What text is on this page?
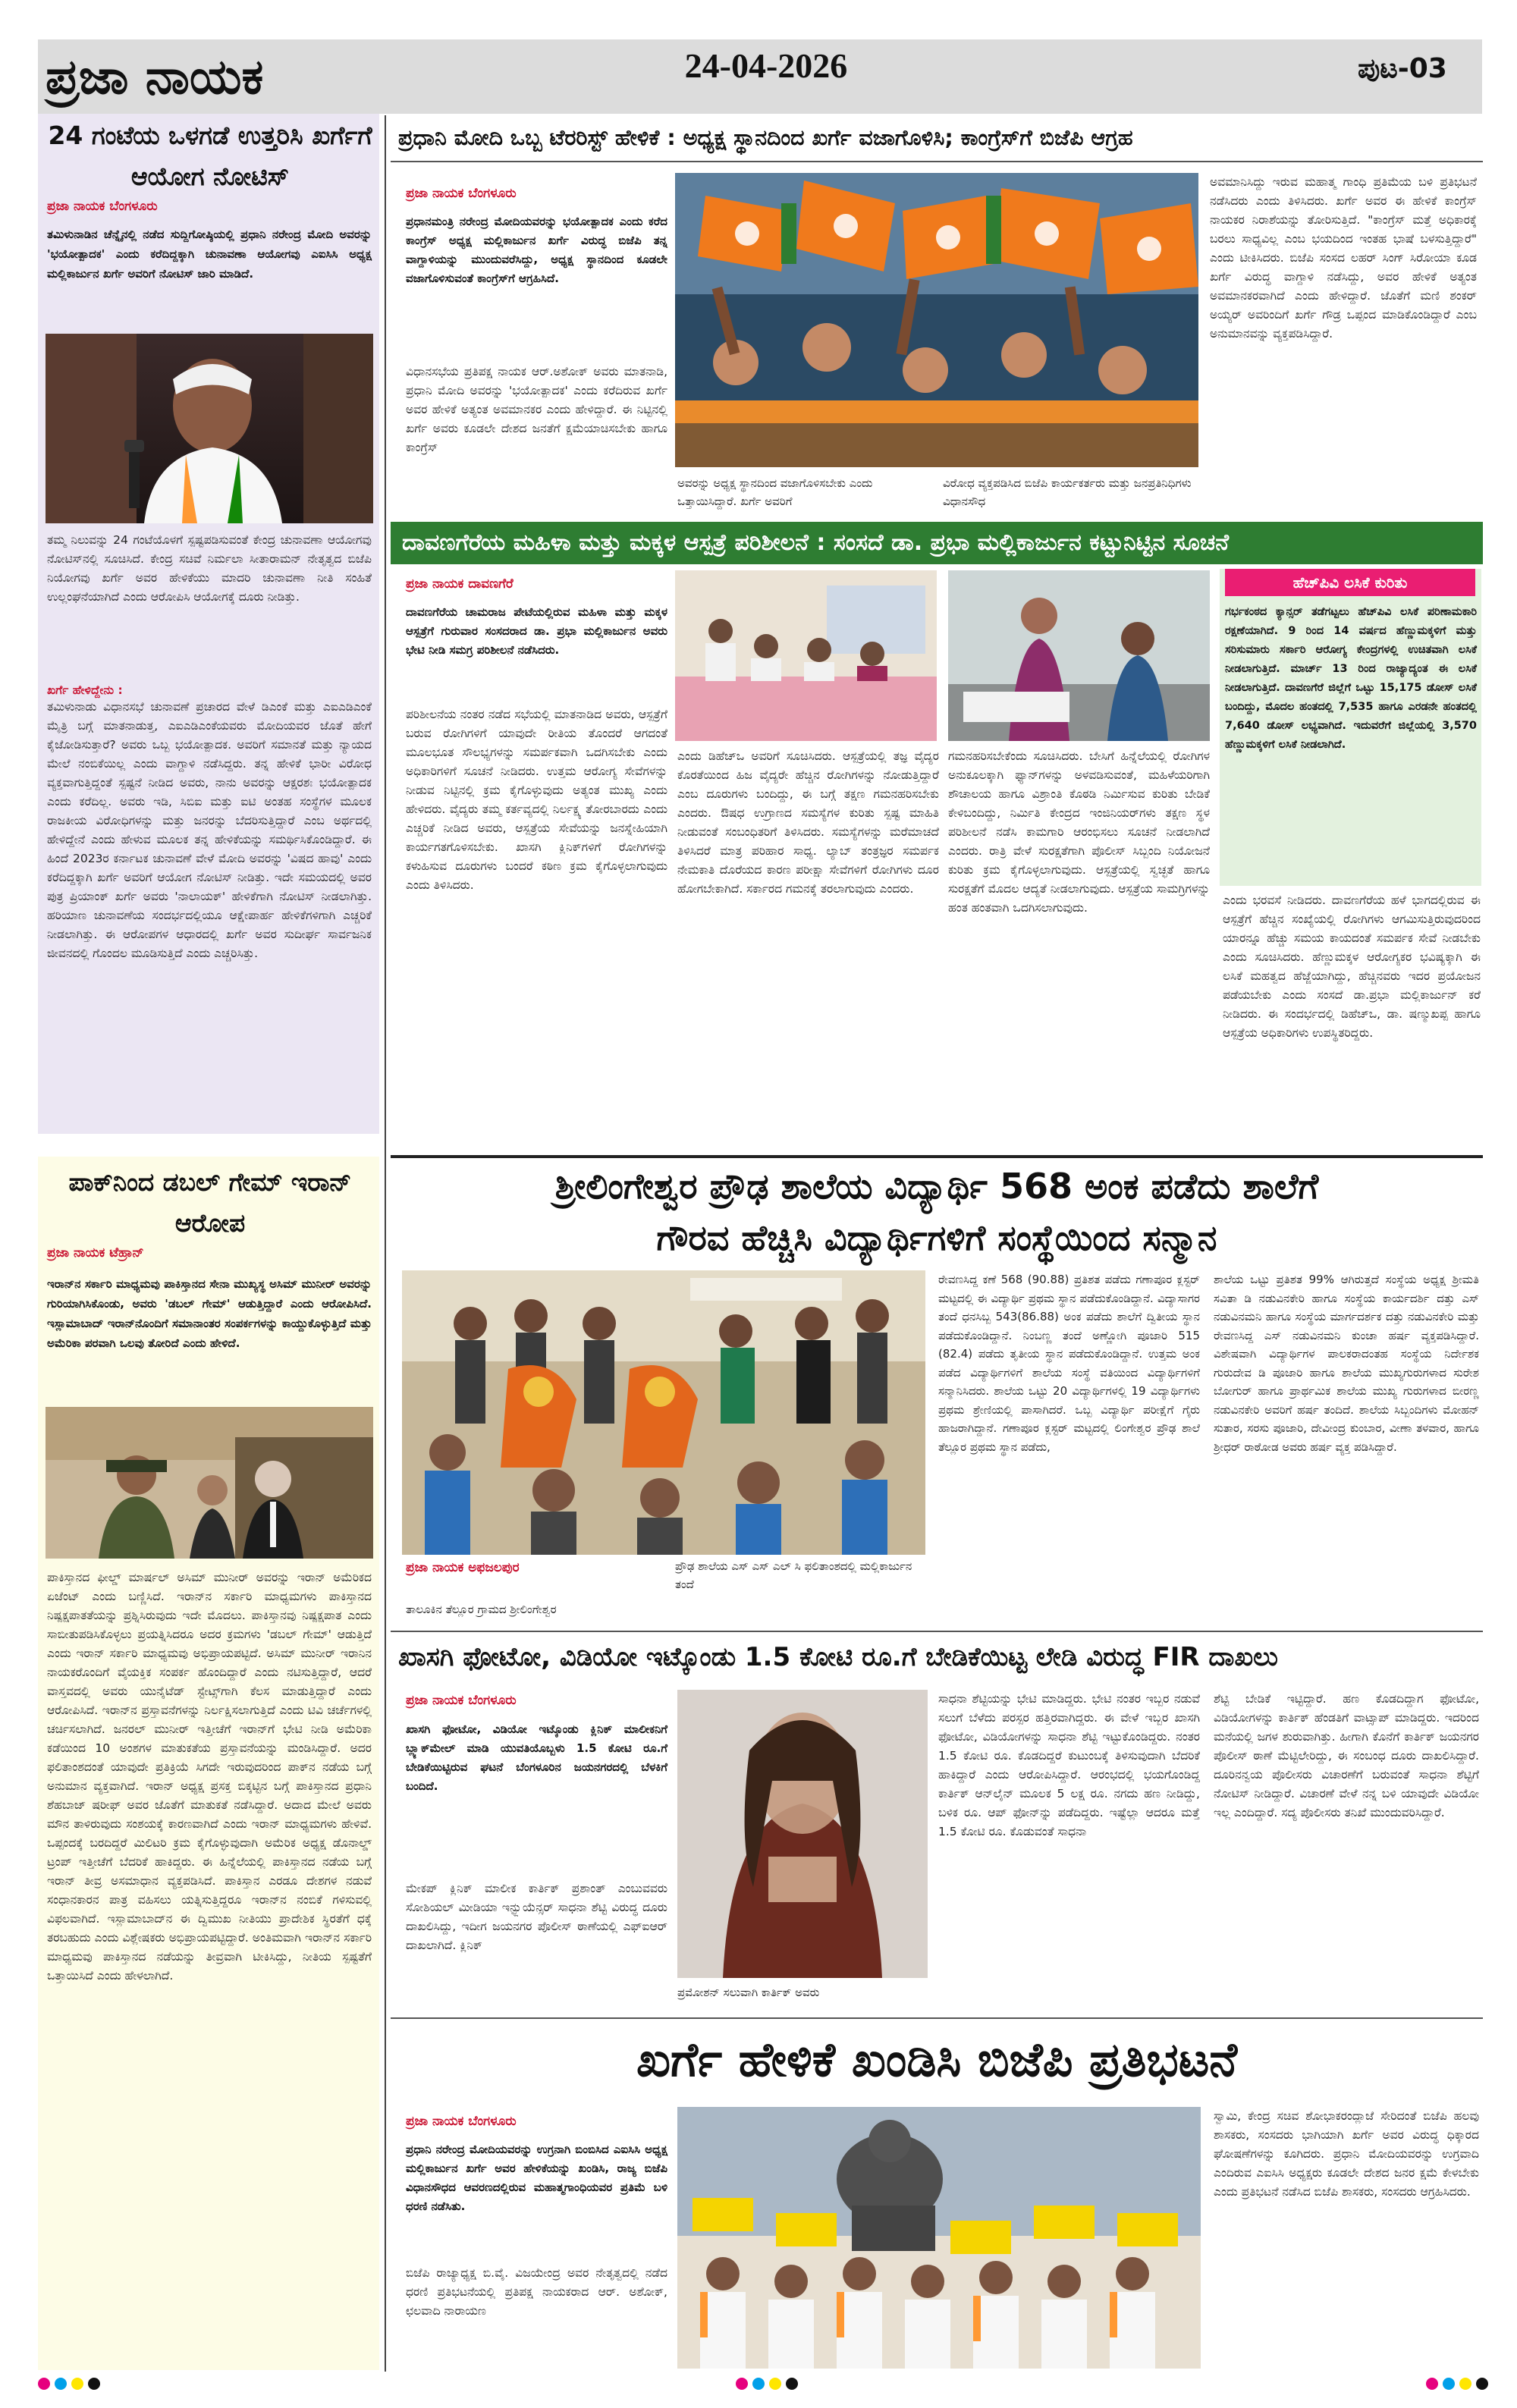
ಪ್ರಜಾ ನಾಯಕ	24-04-2026	ಪುಟ-03
24 ಗಂಟೆಯ ಒಳಗಡೆ ಉತ್ತರಿಸಿ ಖರ್ಗೆಗೆ ಆಯೋಗ ನೋಟಿಸ್
ಪ್ರಜಾ ನಾಯಕ ಬೆಂಗಳೂರು
ತಮಿಳುನಾಡಿನ ಚೆನ್ನೈನಲ್ಲಿ ನಡೆದ ಸುದ್ದಿಗೋಷ್ಠಿಯಲ್ಲಿ ಪ್ರಧಾನಿ ನರೇಂದ್ರ ಮೋದಿ ಅವರನ್ನು 'ಭಯೋತ್ಪಾದಕ' ಎಂದು ಕರೆದಿದ್ದಕ್ಕಾಗಿ ಚುನಾವಣಾ ಆಯೋಗವು ಎಐಸಿಸಿ ಅಧ್ಯಕ್ಷ ಮಲ್ಲಿಕಾರ್ಜುನ ಖರ್ಗೆ ಅವರಿಗೆ ನೋಟಿಸ್ ಜಾರಿ ಮಾಡಿದೆ.
ತಮ್ಮ ನಿಲುವನ್ನು 24 ಗಂಟೆಯೊಳಗೆ ಸ್ಪಷ್ಟಪಡಿಸುವಂತೆ ಕೇಂದ್ರ ಚುನಾವಣಾ ಆಯೋಗವು ನೋಟಿಸ್‌ನಲ್ಲಿ ಸೂಚಿಸಿದೆ. ಕೇಂದ್ರ ಸಚಿವೆ ನಿರ್ಮಲಾ ಸೀತಾರಾಮನ್ ನೇತೃತ್ವದ ಬಿಜೆಪಿ ನಿಯೋಗವು ಖರ್ಗೆ ಅವರ ಹೇಳಿಕೆಯು ಮಾದರಿ ಚುನಾವಣಾ ನೀತಿ ಸಂಹಿತೆ ಉಲ್ಲಂಘನೆಯಾಗಿದೆ ಎಂದು ಆರೋಪಿಸಿ ಆಯೋಗಕ್ಕೆ ದೂರು ನೀಡಿತ್ತು.
ಖರ್ಗೆ ಹೇಳಿದ್ದೇನು :
ತಮಿಳುನಾಡು ವಿಧಾನಸಭೆ ಚುನಾವಣೆ ಪ್ರಚಾರದ ವೇಳೆ ಡಿಎಂಕೆ ಮತ್ತು ಎಐಎಡಿಎಂಕೆ ಮೈತ್ರಿ ಬಗ್ಗೆ ಮಾತನಾಡುತ್ತ, ಎಐಎಡಿಎಂಕೆಯವರು ಮೋದಿಯವರ ಜೊತೆ ಹೇಗೆ ಕೈಜೋಡಿಸುತ್ತಾರೆ? ಅವರು ಒಬ್ಬ ಭಯೋತ್ಪಾದಕ. ಅವರಿಗೆ ಸಮಾನತೆ ಮತ್ತು ನ್ಯಾಯದ ಮೇಲೆ ನಂಬಿಕೆಯಿಲ್ಲ ಎಂದು ವಾಗ್ದಾಳಿ ನಡೆಸಿದ್ದರು. ತನ್ನ ಹೇಳಿಕೆ ಭಾರೀ ವಿರೋಧ ವ್ಯಕ್ತವಾಗುತ್ತಿದ್ದಂತೆ ಸ್ಪಷ್ಟನೆ ನೀಡಿದ ಅವರು, ನಾನು ಅವರನ್ನು ಆಕ್ಷರಶಃ ಭಯೋತ್ಪಾದಕ ಎಂದು ಕರೆದಿಲ್ಲ. ಅವರು ಇಡಿ, ಸಿಬಿಐ ಮತ್ತು ಐಟಿ ಅಂತಹ ಸಂಸ್ಥೆಗಳ ಮೂಲಕ ರಾಜಕೀಯ ವಿರೋಧಿಗಳನ್ನು ಮತ್ತು ಜನರನ್ನು ಬೆದರಿಸುತ್ತಿದ್ದಾರೆ ಎಂಬ ಅರ್ಥದಲ್ಲಿ ಹೇಳಿದ್ದೇನೆ ಎಂದು ಹೇಳುವ ಮೂಲಕ ತನ್ನ ಹೇಳಿಕೆಯನ್ನು ಸಮರ್ಥಿಸಿಕೊಂಡಿದ್ದಾರೆ. ಈ ಹಿಂದೆ 2023ರ ಕರ್ನಾಟಕ ಚುನಾವಣೆ ವೇಳೆ ಮೋದಿ ಅವರನ್ನು 'ವಿಷದ ಹಾವು' ಎಂದು ಕರೆದಿದ್ದಕ್ಕಾಗಿ ಖರ್ಗೆ ಅವರಿಗೆ ಆಯೋಗ ನೋಟಿಸ್ ನೀಡಿತ್ತು. ಇದೇ ಸಮಯದಲ್ಲಿ ಅವರ ಪುತ್ರ ಪ್ರಿಯಾಂಕ್ ಖರ್ಗೆ ಅವರು 'ನಾಲಾಯಕ್' ಹೇಳಿಕೆಗಾಗಿ ನೋಟಿಸ್ ನೀಡಲಾಗಿತ್ತು. ಹರಿಯಾಣ ಚುನಾವಣೆಯ ಸಂದರ್ಭದಲ್ಲಿಯೂ ಆಕ್ಷೇಪಾರ್ಹ ಹೇಳಿಕೆಗಳಿಗಾಗಿ ಎಚ್ಚರಿಕೆ ನೀಡಲಾಗಿತ್ತು. ಈ ಆರೋಪಗಳ ಆಧಾರದಲ್ಲಿ ಖರ್ಗೆ ಅವರ ಸುದೀರ್ಘ ಸಾರ್ವಜನಿಕ ಜೀವನದಲ್ಲಿ ಗೊಂದಲ ಮೂಡಿಸುತ್ತಿದೆ ಎಂದು ಎಚ್ಚರಿಸಿತ್ತು.
ಪಾಕ್‌ನಿಂದ ಡಬಲ್ ಗೇಮ್ ಇರಾನ್ ಆರೋಪ
ಪ್ರಜಾ ನಾಯಕ ಟೆಹ್ರಾನ್
ಇರಾನ್‌ನ ಸರ್ಕಾರಿ ಮಾಧ್ಯಮವು ಪಾಕಿಸ್ತಾನದ ಸೇನಾ ಮುಖ್ಯಸ್ಥ ಅಸಿಮ್ ಮುನೀರ್ ಅವರನ್ನು ಗುರಿಯಾಗಿಸಿಕೊಂಡು, ಅವರು 'ಡಬಲ್ ಗೇಮ್' ಆಡುತ್ತಿದ್ದಾರೆ ಎಂದು ಆರೋಪಿಸಿದೆ. ಇಸ್ಲಾಮಾಬಾದ್ ಇರಾನ್‌ನೊಂದಿಗೆ ಸಮಾನಾಂತರ ಸಂಪರ್ಕಗಳನ್ನು ಕಾಯ್ದುಕೊಳ್ಳುತ್ತಿದೆ ಮತ್ತು ಅಮೆರಿಕಾ ಪರವಾಗಿ ಒಲವು ತೋರಿದೆ ಎಂದು ಹೇಳಿದೆ.
ಪಾಕಿಸ್ತಾನದ ಫೀಲ್ಡ್ ಮಾರ್ಷಲ್ ಅಸಿಮ್ ಮುನೀರ್ ಅವರನ್ನು ಇರಾನ್ ಅಮೆರಿಕದ ಏಜೆಂಟ್ ಎಂದು ಬಣ್ಣಿಸಿದೆ. ಇರಾನ್‌ನ ಸರ್ಕಾರಿ ಮಾಧ್ಯಮಗಳು ಪಾಕಿಸ್ತಾನದ ನಿಷ್ಪಕ್ಷಪಾತತೆಯನ್ನು ಪ್ರಶ್ನಿಸಿರುವುದು ಇದೇ ಮೊದಲು. ಪಾಕಿಸ್ತಾನವು ನಿಷ್ಪಕ್ಷಪಾತ ಎಂದು ಸಾಬೀತುಪಡಿಸಿಕೊಳ್ಳಲು ಪ್ರಯತ್ನಿಸಿದರೂ ಅದರ ಕ್ರಮಗಳು 'ಡಬಲ್ ಗೇಮ್' ಆಡುತ್ತಿದೆ ಎಂದು ಇರಾನ್ ಸರ್ಕಾರಿ ಮಾಧ್ಯಮವು ಅಭಿಪ್ರಾಯಪಟ್ಟಿದೆ. ಅಸಿಮ್ ಮುನೀರ್ ಇರಾನಿನ ನಾಯಕರೊಂದಿಗೆ ವೈಯಕ್ತಿಕ ಸಂಪರ್ಕ ಹೊಂದಿದ್ದಾರೆ ಎಂದು ನಟಿಸುತ್ತಿದ್ದಾರೆ, ಆದರೆ ವಾಸ್ತವದಲ್ಲಿ ಅವರು ಯುನೈಟೆಡ್ ಸ್ಟೇಟ್ಸ್‌ಗಾಗಿ ಕೆಲಸ ಮಾಡುತ್ತಿದ್ದಾರೆ ಎಂದು ಆರೋಪಿಸಿದೆ. ಇರಾನ್‌ನ ಪ್ರಸ್ತಾವನೆಗಳನ್ನು ನಿರ್ಲಕ್ಷಿಸಲಾಗುತ್ತಿದೆ ಎಂದು ಟಿವಿ ಚರ್ಚೆಗಳಲ್ಲಿ ಚರ್ಚಿಸಲಾಗಿದೆ. ಜನರಲ್ ಮುನೀರ್ ಇತ್ತೀಚೆಗೆ ಇರಾನ್‌ಗೆ ಭೇಟಿ ನೀಡಿ ಅಮೆರಿಕಾ ಕಡೆಯಿಂದ 10 ಅಂಶಗಳ ಮಾತುಕತೆಯ ಪ್ರಸ್ತಾವನೆಯನ್ನು ಮಂಡಿಸಿದ್ದಾರೆ. ಅದರ ಫಲಿತಾಂಶದಂತೆ ಯಾವುದೇ ಪ್ರತಿಕ್ರಿಯೆ ಸಿಗದೇ ಇರುವುದರಿಂದ ಪಾಕ್‌ನ ನಡೆಯ ಬಗ್ಗೆ ಅನುಮಾನ ವ್ಯಕ್ತವಾಗಿದೆ. ಇರಾನ್ ಅಧ್ಯಕ್ಷ ಪ್ರಸಕ್ತ ಬಿಕ್ಕಟ್ಟಿನ ಬಗ್ಗೆ ಪಾಕಿಸ್ತಾನದ ಪ್ರಧಾನಿ ಶೆಹಬಾಜ್ ಷರೀಫ್ ಅವರ ಜೊತೆಗೆ ಮಾತುಕತೆ ನಡೆಸಿದ್ದಾರೆ. ಅದಾದ ಮೇಲೆ ಅವರು ಮೌನ ತಾಳಿರುವುದು ಸಂಶಯಕ್ಕೆ ಕಾರಣವಾಗಿದೆ ಎಂದು ಇರಾನ್ ಮಾಧ್ಯಮಗಳು ಹೇಳಿವೆ. ಒಪ್ಪಂದಕ್ಕೆ ಬರದಿದ್ದರೆ ಮಿಲಿಟರಿ ಕ್ರಮ ಕೈಗೊಳ್ಳುವುದಾಗಿ ಅಮೆರಿಕ ಅಧ್ಯಕ್ಷ ಡೊನಾಲ್ಡ್ ಟ್ರಂಪ್ ಇತ್ತೀಚೆಗೆ ಬೆದರಿಕೆ ಹಾಕಿದ್ದರು. ಈ ಹಿನ್ನೆಲೆಯಲ್ಲಿ ಪಾಕಿಸ್ತಾನದ ನಡೆಯ ಬಗ್ಗೆ ಇರಾನ್ ತೀವ್ರ ಅಸಮಾಧಾನ ವ್ಯಕ್ತಪಡಿಸಿದೆ. ಪಾಕಿಸ್ತಾನ ಎರಡೂ ದೇಶಗಳ ನಡುವೆ ಸಂಧಾನಕಾರನ ಪಾತ್ರ ವಹಿಸಲು ಯತ್ನಿಸುತ್ತಿದ್ದರೂ ಇರಾನ್‌ನ ನಂಬಿಕೆ ಗಳಿಸುವಲ್ಲಿ ವಿಫಲವಾಗಿದೆ. ಇಸ್ಲಾಮಾಬಾದ್‌ನ ಈ ದ್ವಿಮುಖ ನೀತಿಯು ಪ್ರಾದೇಶಿಕ ಸ್ಥಿರತೆಗೆ ಧಕ್ಕೆ ತರಬಹುದು ಎಂದು ವಿಶ್ಲೇಷಕರು ಅಭಿಪ್ರಾಯಪಟ್ಟಿದ್ದಾರೆ. ಅಂತಿಮವಾಗಿ ಇರಾನ್‌ನ ಸರ್ಕಾರಿ ಮಾಧ್ಯಮವು ಪಾಕಿಸ್ತಾನದ ನಡೆಯನ್ನು ತೀವ್ರವಾಗಿ ಟೀಕಿಸಿದ್ದು, ನೀತಿಯ ಸ್ಪಷ್ಟತೆಗೆ ಒತ್ತಾಯಿಸಿದೆ ಎಂದು ಹೇಳಲಾಗಿದೆ.
ಪ್ರಧಾನಿ ಮೋದಿ ಒಬ್ಬ ಟೆರರಿಸ್ಟ್ ಹೇಳಿಕೆ : ಅಧ್ಯಕ್ಷ ಸ್ಥಾನದಿಂದ ಖರ್ಗೆ ವಜಾಗೊಳಿಸಿ; ಕಾಂಗ್ರೆಸ್‌ಗೆ ಬಿಜೆಪಿ ಆಗ್ರಹ
ಪ್ರಜಾ ನಾಯಕ ಬೆಂಗಳೂರು
ಪ್ರಧಾನಮಂತ್ರಿ ನರೇಂದ್ರ ಮೋದಿಯವರನ್ನು ಭಯೋತ್ಪಾದಕ ಎಂದು ಕರೆದ ಕಾಂಗ್ರೆಸ್ ಅಧ್ಯಕ್ಷ ಮಲ್ಲಿಕಾರ್ಜುನ ಖರ್ಗೆ ವಿರುದ್ಧ ಬಿಜೆಪಿ ತನ್ನ ವಾಗ್ದಾಳಿಯನ್ನು ಮುಂದುವರೆಸಿದ್ದು, ಅಧ್ಯಕ್ಷ ಸ್ಥಾನದಿಂದ ಕೂಡಲೇ ವಜಾಗೊಳಿಸುವಂತೆ ಕಾಂಗ್ರೆಸ್‌ಗೆ ಆಗ್ರಹಿಸಿದೆ.
ವಿಧಾನಸಭೆಯ ಪ್ರತಿಪಕ್ಷ ನಾಯಕ ಆರ್.ಅಶೋಕ್ ಅವರು ಮಾತನಾಡಿ, ಪ್ರಧಾನಿ ಮೋದಿ ಅವರನ್ನು 'ಭಯೋತ್ಪಾದಕ' ಎಂದು ಕರೆದಿರುವ ಖರ್ಗೆ ಅವರ ಹೇಳಿಕೆ ಅತ್ಯಂತ ಅವಮಾನಕರ ಎಂದು ಹೇಳಿದ್ದಾರೆ. ಈ ನಿಟ್ಟಿನಲ್ಲಿ ಖರ್ಗೆ ಅವರು ಕೂಡಲೇ ದೇಶದ ಜನತೆಗೆ ಕ್ಷಮೆಯಾಚಿಸಬೇಕು ಹಾಗೂ ಕಾಂಗ್ರೆಸ್
ಅವರನ್ನು ಅಧ್ಯಕ್ಷ ಸ್ಥಾನದಿಂದ ವಜಾಗೊಳಿಸಬೇಕು ಎಂದು ಒತ್ತಾಯಿಸಿದ್ದಾರೆ. ಖರ್ಗೆ ಅವರಿಗೆ
ವಿರೋಧ ವ್ಯಕ್ತಪಡಿಸಿದ ಬಿಜೆಪಿ ಕಾರ್ಯಕರ್ತರು ಮತ್ತು ಜನಪ್ರತಿನಿಧಿಗಳು ವಿಧಾನಸೌಧ
ಅವಮಾನಿಸಿದ್ದು ಇರುವ ಮಹಾತ್ಮ ಗಾಂಧಿ ಪ್ರತಿಮೆಯ ಬಳಿ ಪ್ರತಿಭಟನೆ ನಡೆಸಿದರು ಎಂದು ತಿಳಿಸಿದರು. ಖರ್ಗೆ ಅವರ ಈ ಹೇಳಿಕೆ ಕಾಂಗ್ರೆಸ್ ನಾಯಕರ ನಿರಾಶೆಯನ್ನು ತೋರಿಸುತ್ತಿದೆ. "ಕಾಂಗ್ರೆಸ್ ಮತ್ತೆ ಅಧಿಕಾರಕ್ಕೆ ಬರಲು ಸಾಧ್ಯವಿಲ್ಲ ಎಂಬ ಭಯದಿಂದ ಇಂತಹ ಭಾಷೆ ಬಳಸುತ್ತಿದ್ದಾರೆ" ಎಂದು ಟೀಕಿಸಿದರು. ಬಿಜೆಪಿ ಸಂಸದ ಲಹರ್ ಸಿಂಗ್ ಸಿರೋಯಾ ಕೂಡ ಖರ್ಗೆ ವಿರುದ್ಧ ವಾಗ್ದಾಳಿ ನಡೆಸಿದ್ದು, ಅವರ ಹೇಳಿಕೆ ಅತ್ಯಂತ ಅವಮಾನಕರವಾಗಿದೆ ಎಂದು ಹೇಳಿದ್ದಾರೆ. ಜೊತೆಗೆ ಮಣಿ ಶಂಕರ್ ಅಯ್ಯರ್ ಅವರಿಂದಿಗೆ ಖರ್ಗೆ ಗೌಡ್ರ ಒಪ್ಪಂದ ಮಾಡಿಕೊಂಡಿದ್ದಾರೆ ಎಂಬ ಅನುಮಾನವನ್ನು ವ್ಯಕ್ತಪಡಿಸಿದ್ದಾರೆ.
ದಾವಣಗೆರೆಯ ಮಹಿಳಾ ಮತ್ತು ಮಕ್ಕಳ ಆಸ್ಪತ್ರೆ ಪರಿಶೀಲನೆ : ಸಂಸದೆ ಡಾ. ಪ್ರಭಾ ಮಲ್ಲಿಕಾರ್ಜುನ ಕಟ್ಟುನಿಟ್ಟಿನ ಸೂಚನೆ
ಪ್ರಜಾ ನಾಯಕ ದಾವಣಗೆರೆ
ದಾವಣಗೆರೆಯ ಚಾಮರಾಜ ಪೇಟೆಯಲ್ಲಿರುವ ಮಹಿಳಾ ಮತ್ತು ಮಕ್ಕಳ ಆಸ್ಪತ್ರೆಗೆ ಗುರುವಾರ ಸಂಸದರಾದ ಡಾ. ಪ್ರಭಾ ಮಲ್ಲಿಕಾರ್ಜುನ ಅವರು ಭೇಟಿ ನೀಡಿ ಸಮಗ್ರ ಪರಿಶೀಲನೆ ನಡೆಸಿದರು.
ಪರಿಶೀಲನೆಯ ನಂತರ ನಡೆದ ಸಭೆಯಲ್ಲಿ ಮಾತನಾಡಿದ ಅವರು, ಆಸ್ಪತ್ರೆಗೆ ಬರುವ ರೋಗಿಗಳಿಗೆ ಯಾವುದೇ ರೀತಿಯ ತೊಂದರೆ ಆಗದಂತೆ ಮೂಲಭೂತ ಸೌಲಭ್ಯಗಳನ್ನು ಸಮರ್ಪಕವಾಗಿ ಒದಗಿಸಬೇಕು ಎಂದು ಅಧಿಕಾರಿಗಳಿಗೆ ಸೂಚನೆ ನೀಡಿದರು. ಉತ್ತಮ ಆರೋಗ್ಯ ಸೇವೆಗಳನ್ನು ನೀಡುವ ನಿಟ್ಟಿನಲ್ಲಿ ಕ್ರಮ ಕೈಗೊಳ್ಳುವುದು ಅತ್ಯಂತ ಮುಖ್ಯ ಎಂದು ಹೇಳಿದರು. ವೈದ್ಯರು ತಮ್ಮ ಕರ್ತವ್ಯದಲ್ಲಿ ನಿರ್ಲಕ್ಷ್ಯ ತೋರಬಾರದು ಎಂದು ಎಚ್ಚರಿಕೆ ನೀಡಿದ ಅವರು, ಆಸ್ಪತ್ರೆಯ ಸೇವೆಯನ್ನು ಜನಸ್ನೇಹಿಯಾಗಿ ಕಾರ್ಯಗತಗೊಳಿಸಬೇಕು. ಖಾಸಗಿ ಕ್ಲಿನಿಕ್‌ಗಳಿಗೆ ರೋಗಿಗಳನ್ನು ಕಳುಹಿಸುವ ದೂರುಗಳು ಬಂದರೆ ಕಠಿಣ ಕ್ರಮ ಕೈಗೊಳ್ಳಲಾಗುವುದು ಎಂದು ತಿಳಿಸಿದರು.
ಎಂದು ಡಿಹೆಚ್‌ಒ ಅವರಿಗೆ ಸೂಚಿಸಿದರು. ಆಸ್ಪತ್ರೆಯಲ್ಲಿ ತಜ್ಞ ವೈದ್ಯರ ಕೊರತೆಯಿಂದ ಹಿಜ ವೈದ್ಯರೇ ಹೆಚ್ಚಿನ ರೋಗಿಗಳನ್ನು ನೋಡುತ್ತಿದ್ದಾರೆ ಎಂಬ ದೂರುಗಳು ಬಂದಿದ್ದು, ಈ ಬಗ್ಗೆ ತಕ್ಷಣ ಗಮನಹರಿಸಬೇಕು ಎಂದರು. ಔಷಧ ಉಗ್ರಾಣದ ಸಮಸ್ಯೆಗಳ ಕುರಿತು ಸ್ಪಷ್ಟ ಮಾಹಿತಿ ನೀಡುವಂತೆ ಸಂಬಂಧಿತರಿಗೆ ತಿಳಿಸಿದರು. ಸಮಸ್ಯೆಗಳನ್ನು ಮರೆಮಾಚದೆ ತಿಳಿಸಿದರೆ ಮಾತ್ರ ಪರಿಹಾರ ಸಾಧ್ಯ. ಲ್ಯಾಬ್ ತಂತ್ರಜ್ಞರ ಸಮರ್ಪಕ ನೇಮಕಾತಿ ದೊರೆಯದ ಕಾರಣ ಪರೀಕ್ಷಾ ಸೇವೆಗಳಿಗೆ ರೋಗಿಗಳು ದೂರ ಹೋಗಬೇಕಾಗಿದೆ. ಸರ್ಕಾರದ ಗಮನಕ್ಕೆ ತರಲಾಗುವುದು ಎಂದರು.
ಗಮನಹರಿಸಬೇಕೆಂದು ಸೂಚಿಸಿದರು. ಬೇಸಿಗೆ ಹಿನ್ನೆಲೆಯಲ್ಲಿ ರೋಗಿಗಳ ಅನುಕೂಲಕ್ಕಾಗಿ ಫ್ಯಾನ್‌ಗಳನ್ನು ಅಳವಡಿಸುವಂತೆ, ಮಹಿಳೆಯರಿಗಾಗಿ ಶೌಚಾಲಯ ಹಾಗೂ ವಿಶ್ರಾಂತಿ ಕೊಠಡಿ ನಿರ್ಮಿಸುವ ಕುರಿತು ಬೇಡಿಕೆ ಕೇಳಿಬಂದಿದ್ದು, ನಿರ್ಮಿತಿ ಕೇಂದ್ರದ ಇಂಜಿನಿಯರ್‌ಗಳು ತಕ್ಷಣ ಸ್ಥಳ ಪರಿಶೀಲನೆ ನಡೆಸಿ ಕಾಮಗಾರಿ ಆರಂಭಿಸಲು ಸೂಚನೆ ನೀಡಲಾಗಿದೆ ಎಂದರು. ರಾತ್ರಿ ವೇಳೆ ಸುರಕ್ಷತೆಗಾಗಿ ಪೊಲೀಸ್ ಸಿಬ್ಬಂದಿ ನಿಯೋಜನೆ ಕುರಿತು ಕ್ರಮ ಕೈಗೊಳ್ಳಲಾಗುವುದು. ಆಸ್ಪತ್ರೆಯಲ್ಲಿ ಸ್ವಚ್ಛತೆ ಹಾಗೂ ಸುರಕ್ಷತೆಗೆ ಮೊದಲ ಆದ್ಯತೆ ನೀಡಲಾಗುವುದು. ಆಸ್ಪತ್ರೆಯ ಸಾಮಗ್ರಿಗಳನ್ನು ಹಂತ ಹಂತವಾಗಿ ಒದಗಿಸಲಾಗುವುದು.
ಹೆಚ್‌ಪಿವಿ ಲಸಿಕೆ ಕುರಿತು
ಗರ್ಭಕಂಠದ ಕ್ಯಾನ್ಸರ್ ತಡೆಗಟ್ಟಲು ಹೆಚ್‌ಪಿವಿ ಲಸಿಕೆ ಪರಿಣಾಮಕಾರಿ ರಕ್ಷಣೆಯಾಗಿದೆ. 9 ರಿಂದ 14 ವರ್ಷದ ಹೆಣ್ಣುಮಕ್ಕಳಿಗೆ ಮತ್ತು ಸರಿಸುಮಾರು ಸರ್ಕಾರಿ ಆರೋಗ್ಯ ಕೇಂದ್ರಗಳಲ್ಲಿ ಉಚಿತವಾಗಿ ಲಸಿಕೆ ನೀಡಲಾಗುತ್ತಿದೆ. ಮಾರ್ಚ್ 13 ರಿಂದ ರಾಜ್ಯಾದ್ಯಂತ ಈ ಲಸಿಕೆ ನೀಡಲಾಗುತ್ತಿದೆ. ದಾವಣಗೆರೆ ಜಿಲ್ಲೆಗೆ ಒಟ್ಟು 15,175 ಡೋಸ್ ಲಸಿಕೆ ಬಂದಿದ್ದು, ಮೊದಲ ಹಂತದಲ್ಲಿ 7,535 ಹಾಗೂ ಎರಡನೇ ಹಂತದಲ್ಲಿ 7,640 ಡೋಸ್ ಲಭ್ಯವಾಗಿದೆ. ಇದುವರೆಗೆ ಜಿಲ್ಲೆಯಲ್ಲಿ 3,570 ಹೆಣ್ಣುಮಕ್ಕಳಿಗೆ ಲಸಿಕೆ ನೀಡಲಾಗಿದೆ.
ಎಂದು ಭರವಸೆ ನೀಡಿದರು. ದಾವಣಗೆರೆಯ ಹಳೆ ಭಾಗದಲ್ಲಿರುವ ಈ ಆಸ್ಪತ್ರೆಗೆ ಹೆಚ್ಚಿನ ಸಂಖ್ಯೆಯಲ್ಲಿ ರೋಗಿಗಳು ಆಗಮಿಸುತ್ತಿರುವುದರಿಂದ ಯಾರನ್ನೂ ಹೆಚ್ಚು ಸಮಯ ಕಾಯದಂತೆ ಸಮರ್ಪಕ ಸೇವೆ ನೀಡಬೇಕು ಎಂದು ಸೂಚಿಸಿದರು. ಹೆಣ್ಣುಮಕ್ಕಳ ಆರೋಗ್ಯಕರ ಭವಿಷ್ಯಕ್ಕಾಗಿ ಈ ಲಸಿಕೆ ಮಹತ್ವದ ಹೆಜ್ಜೆಯಾಗಿದ್ದು, ಹೆಚ್ಚಿನವರು ಇದರ ಪ್ರಯೋಜನ ಪಡೆಯಬೇಕು ಎಂದು ಸಂಸದೆ ಡಾ.ಪ್ರಭಾ ಮಲ್ಲಿಕಾರ್ಜುನ್ ಕರೆ ನೀಡಿದರು. ಈ ಸಂದರ್ಭದಲ್ಲಿ ಡಿಹೆಚ್‌ಒ, ಡಾ. ಷಣ್ಮುಖಪ್ಪ ಹಾಗೂ ಆಸ್ಪತ್ರೆಯ ಅಧಿಕಾರಿಗಳು ಉಪಸ್ಥಿತರಿದ್ದರು.
ಶ್ರೀಲಿಂಗೇಶ್ವರ ಪ್ರೌಢ ಶಾಲೆಯ ವಿದ್ಯಾರ್ಥಿ 568 ಅಂಕ ಪಡೆದು ಶಾಲೆಗೆ
ಗೌರವ ಹೆಚ್ಚಿಸಿ ವಿದ್ಯಾರ್ಥಿಗಳಿಗೆ ಸಂಸ್ಥೆಯಿಂದ ಸನ್ಮಾನ
ಪ್ರಜಾ ನಾಯಕ ಅಫಜಲಪುರ	ಪ್ರೌಢ ಶಾಲೆಯ ಎಸ್ ಎಸ್ ಎಲ್ ಸಿ ಫಲಿತಾಂಶದಲ್ಲಿ ಮಲ್ಲಿಕಾರ್ಜುನ ತಂದೆ
ತಾಲೂಕಿನ ತೆಲ್ಲೂರ ಗ್ರಾಮದ ಶ್ರೀಲಿಂಗೇಶ್ವರ
ರೇವಣಸಿದ್ದ ಕಣೆ 568 (90.88) ಪ್ರತಿಶತ ಪಡೆದು ಗಣಾಪೂರ ಕ್ಲಸ್ಟರ್ ಮಟ್ಟದಲ್ಲಿ ಈ ವಿದ್ಯಾರ್ಥಿ ಪ್ರಥಮ ಸ್ಥಾನ ಪಡೆದುಕೊಂಡಿದ್ದಾನೆ. ವಿದ್ಯಾಸಾಗರ ತಂದೆ ಧನಸಿಬ್ಬ 543(86.88) ಅಂಕ ಪಡೆದು ಶಾಲೆಗೆ ದ್ವಿತೀಯ ಸ್ಥಾನ ಪಡೆದುಕೊಂಡಿದ್ದಾನೆ. ನಿಂಬಣ್ಣ ತಂದೆ ಅಣ್ಣೋಗಿ ಪೂಜಾರಿ 515 (82.4) ಪಡೆದು ತೃತೀಯ ಸ್ಥಾನ ಪಡೆದುಕೊಂಡಿದ್ದಾನೆ. ಉತ್ತಮ ಅಂಕ ಪಡೆದ ವಿದ್ಯಾರ್ಥಿಗಳಿಗೆ ಶಾಲೆಯ ಸಂಸ್ಥೆ ವತಿಯಿಂದ ವಿದ್ಯಾರ್ಥಿಗಳಿಗೆ ಸನ್ಮಾನಿಸಿದರು. ಶಾಲೆಯ ಒಟ್ಟು 20 ವಿದ್ಯಾರ್ಥಿಗಳಲ್ಲಿ 19 ವಿದ್ಯಾರ್ಥಿಗಳು ಪ್ರಥಮ ಶ್ರೇಣಿಯಲ್ಲಿ ಪಾಸಾಗಿದರೆ. ಒಬ್ಬ ವಿದ್ಯಾರ್ಥಿ ಪರೀಕ್ಷೆಗೆ ಗೈರು ಹಾಜರಾಗಿದ್ದಾನೆ. ಗಣಾಪೂರ ಕ್ಲಸ್ಟರ್ ಮಟ್ಟದಲ್ಲಿ ಲಿಂಗೇಶ್ವರ ಪ್ರೌಢ ಶಾಲೆ ತೆಲ್ಲೂರ ಪ್ರಥಮ ಸ್ಥಾನ ಪಡೆದು,
ಶಾಲೆಯ ಒಟ್ಟು ಪ್ರತಿಶತ 99% ಆಗಿರುತ್ತದೆ ಸಂಸ್ಥೆಯ ಅಧ್ಯಕ್ಷ ಶ್ರೀಮತಿ ಸವಿತಾ ಡಿ ನಡುವಿನಕೇರಿ ಹಾಗೂ ಸಂಸ್ಥೆಯ ಕಾರ್ಯದರ್ಶಿ ದತ್ತು ಎಸ್ ನಡುವಿನಮನಿ ಹಾಗೂ ಸಂಸ್ಥೆಯ ಮಾರ್ಗದರ್ಶಕ ದತ್ತು ನಡುವಿನಕೇರಿ ಮತ್ತು ರೇವಣಸಿದ್ದ ಎಸ್ ನಡುವಿನಮನಿ ಕುಂಚಾ ಹರ್ಷ ವ್ಯಕ್ತಪಡಿಸಿದ್ದಾರೆ. ವಿಶೇಷವಾಗಿ ವಿದ್ಯಾರ್ಥಿಗಳ ಪಾಲಕರಾದಂತಹ ಸಂಸ್ಥೆಯ ನಿರ್ದೇಶಕ ಗುರುದೇವ ಡಿ ಪೂಜಾರಿ ಹಾಗೂ ಶಾಲೆಯ ಮುಖ್ಯಗುರುಗಳಾದ ಸುರೇಶ ಬೋಗುರ್ ಹಾಗೂ ಪ್ರಾರ್ಥಮಿಕ ಶಾಲೆಯ ಮುಖ್ಯ ಗುರುಗಳಾದ ಬೀರಣ್ಣ ನಡುವಿನಕೇರಿ ಅವರಿಗೆ ಹರ್ಷ ತಂದಿದೆ. ಶಾಲೆಯ ಸಿಬ್ಬಂದಿಗಳು ಮೋಹನ್ ಸುತಾರ, ಸರಸು ಪೂಜಾರಿ, ದೇವೀಂದ್ರ ಕುಂಬಾರ, ವೀಣಾ ತಳವಾರ, ಹಾಗೂ ಶ್ರೀಧರ್ ರಾಠೋಡ ಅವರು ಹರ್ಷ ವ್ಯಕ್ತ ಪಡಿಸಿದ್ದಾರೆ.
ಖಾಸಗಿ ಫೋಟೋ, ವಿಡಿಯೋ ಇಟ್ಕೊಂಡು 1.5 ಕೋಟಿ ರೂ.ಗೆ ಬೇಡಿಕೆಯಿಟ್ಟ ಲೇಡಿ ವಿರುದ್ಧ FIR ದಾಖಲು
ಪ್ರಜಾ ನಾಯಕ ಬೆಂಗಳೂರು
ಖಾಸಗಿ ಫೋಟೋ, ವಿಡಿಯೋ ಇಟ್ಕೊಂಡು ಕ್ಲಿನಿಕ್ ಮಾಲೀಕನಿಗೆ ಬ್ಲ್ಯಾಕ್‌ಮೇಲ್ ಮಾಡಿ ಯುವತಿಯೊಬ್ಬಳು 1.5 ಕೋಟಿ ರೂ.ಗೆ ಬೇಡಿಕೆಯಿಟ್ಟಿರುವ ಘಟನೆ ಬೆಂಗಳೂರಿನ ಜಯನಗರದಲ್ಲಿ ಬೆಳಕಿಗೆ ಬಂದಿದೆ.
ಮೇಕಪ್ ಕ್ಲಿನಿಕ್ ಮಾಲೀಕ ಕಾರ್ತಿಕ್ ಪ್ರಶಾಂತ್ ಎಂಬುವವರು ಸೋಶಿಯಲ್ ಮೀಡಿಯಾ ಇನ್ಫ್ಲುಯೆನ್ಸರ್ ಸಾಧನಾ ಶೆಟ್ಟಿ ವಿರುದ್ಧ ದೂರು ದಾಖಲಿಸಿದ್ದು, ಇದೀಗ ಜಯನಗರ ಪೊಲೀಸ್ ಠಾಣೆಯಲ್ಲಿ ಎಫ್ಐಆರ್ ದಾಖಲಾಗಿದೆ. ಕ್ಲಿನಿಕ್
ಪ್ರಮೋಶನ್ ಸಲುವಾಗಿ ಕಾರ್ತಿಕ್ ಅವರು
ಸಾಧನಾ ಶೆಟ್ಟಿಯನ್ನು ಭೇಟಿ ಮಾಡಿದ್ದರು. ಭೇಟಿ ನಂತರ ಇಬ್ಬರ ನಡುವೆ ಸಲುಗೆ ಬೆಳೆದು ಪರಸ್ಪರ ಹತ್ತಿರವಾಗಿದ್ದರು. ಈ ವೇಳೆ ಇಬ್ಬರ ಖಾಸಗಿ ಫೋಟೋ, ವಿಡಿಯೋಗಳನ್ನು ಸಾಧನಾ ಶೆಟ್ಟಿ ಇಟ್ಟುಕೊಂಡಿದ್ದರು. ನಂತರ 1.5 ಕೋಟಿ ರೂ. ಕೊಡದಿದ್ದರೆ ಕುಟುಂಬಕ್ಕೆ ತಿಳಿಸುವುದಾಗಿ ಬೆದರಿಕೆ ಹಾಕಿದ್ದಾರೆ ಎಂದು ಆರೋಪಿಸಿದ್ದಾರೆ. ಆರಂಭದಲ್ಲಿ ಭಯಗೊಂಡಿದ್ದ ಕಾರ್ತಿಕ್ ಆನ್‌ಲೈನ್ ಮೂಲಕ 5 ಲಕ್ಷ ರೂ. ನಗದು ಹಣ ನೀಡಿದ್ದು, ಬಳಿಕ ರೂ. ಆಪ್ ಫೋನ್‌ನ್ನು ಪಡೆದಿದ್ದರು. ಇಷ್ಟೆಲ್ಲಾ ಆದರೂ ಮತ್ತೆ 1.5 ಕೋಟಿ ರೂ. ಕೊಡುವಂತೆ ಸಾಧನಾ
ಶೆಟ್ಟಿ ಬೇಡಿಕೆ ಇಟ್ಟಿದ್ದಾರೆ. ಹಣ ಕೊಡದಿದ್ದಾಗ ಫೋಟೋ, ವಿಡಿಯೋಗಳನ್ನು ಕಾರ್ತಿಕ್ ಹೆಂಡತಿಗೆ ವಾಟ್ಸಾಪ್ ಮಾಡಿದ್ದರು. ಇದರಿಂದ ಮನೆಯಲ್ಲಿ ಜಗಳ ಶುರುವಾಗಿತ್ತು. ಹೀಗಾಗಿ ಕೊನೆಗೆ ಕಾರ್ತಿಕ್ ಜಯನಗರ ಪೊಲೀಸ್ ಠಾಣೆ ಮೆಟ್ಟಿಲೇರಿದ್ದು, ಈ ಸಂಬಂಧ ದೂರು ದಾಖಲಿಸಿದ್ದಾರೆ. ದೂರಿನನ್ವಯ ಪೊಲೀಸರು ವಿಚಾರಣೆಗೆ ಬರುವಂತೆ ಸಾಧನಾ ಶೆಟ್ಟಿಗೆ ನೋಟಿಸ್ ನೀಡಿದ್ದಾರೆ. ವಿಚಾರಣೆ ವೇಳೆ ನನ್ನ ಬಳಿ ಯಾವುದೇ ವಿಡಿಯೋ ಇಲ್ಲ ಎಂದಿದ್ದಾರೆ. ಸದ್ಯ ಪೊಲೀಸರು ತನಿಖೆ ಮುಂದುವರಿಸಿದ್ದಾರೆ.
ಖರ್ಗೆ ಹೇಳಿಕೆ ಖಂಡಿಸಿ ಬಿಜೆಪಿ ಪ್ರತಿಭಟನೆ
ಪ್ರಜಾ ನಾಯಕ ಬೆಂಗಳೂರು
ಪ್ರಧಾನಿ ನರೇಂದ್ರ ಮೋದಿಯವರನ್ನು ಉಗ್ರನಾಗಿ ಬಿಂಬಿಸಿದ ಎಐಸಿಸಿ ಅಧ್ಯಕ್ಷ ಮಲ್ಲಿಕಾರ್ಜುನ ಖರ್ಗೆ ಅವರ ಹೇಳಿಕೆಯನ್ನು ಖಂಡಿಸಿ, ರಾಜ್ಯ ಬಿಜೆಪಿ ವಿಧಾನಸೌಧದ ಆವರಣದಲ್ಲಿರುವ ಮಹಾತ್ಮಗಾಂಧಿಯವರ ಪ್ರತಿಮೆ ಬಳಿ ಧರಣಿ ನಡೆಸಿತು.
ಬಿಜೆಪಿ ರಾಜ್ಯಾಧ್ಯಕ್ಷ ಬಿ.ವೈ. ವಿಜಯೇಂದ್ರ ಅವರ ನೇತೃತ್ವದಲ್ಲಿ ನಡೆದ ಧರಣಿ ಪ್ರತಿಭಟನೆಯಲ್ಲಿ ಪ್ರತಿಪಕ್ಷ ನಾಯಕರಾದ ಆರ್. ಅಶೋಕ್, ಛಲವಾದಿ ನಾರಾಯಣ
ಸ್ವಾಮಿ, ಕೇಂದ್ರ ಸಚಿವ ಶೋಭಾಕರಂದ್ಲಾಜೆ ಸೇರಿದಂತೆ ಬಿಜೆಪಿ ಹಲವು ಶಾಸಕರು, ಸಂಸದರು ಭಾಗಿಯಾಗಿ ಖರ್ಗೆ ಅವರ ವಿರುದ್ಧ ಧಿಕ್ಕಾರದ ಘೋಷಣೆಗಳನ್ನು ಕೂಗಿದರು. ಪ್ರಧಾನಿ ಮೋದಿಯವರನ್ನು ಉಗ್ರವಾದಿ ಎಂದಿರುವ ಎಐಸಿಸಿ ಅಧ್ಯಕ್ಷರು ಕೂಡಲೇ ದೇಶದ ಜನರ ಕ್ಷಮೆ ಕೇಳಬೇಕು ಎಂದು ಪ್ರತಿಭಟನೆ ನಡೆಸಿದ ಬಿಜೆಪಿ ಶಾಸಕರು, ಸಂಸದರು ಆಗ್ರಹಿಸಿದರು.
